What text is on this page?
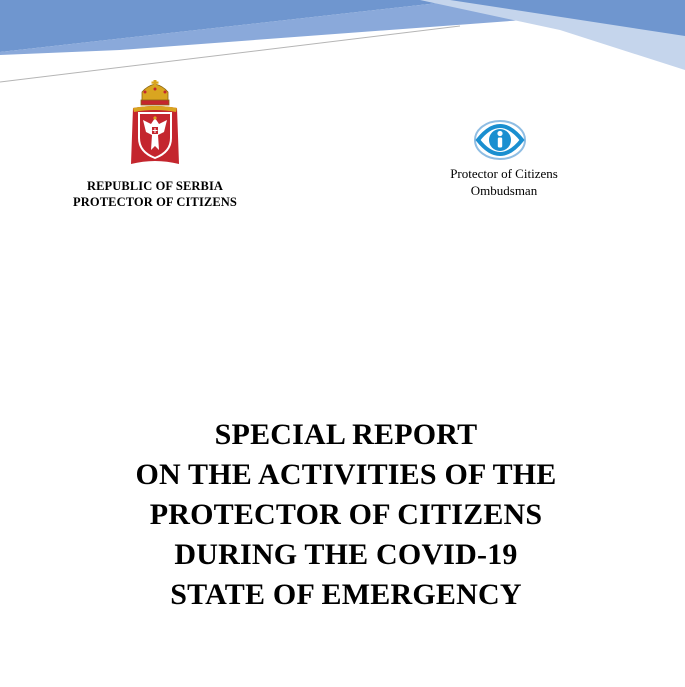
REPUBLIC OF SERBIA
PROTECTOR OF CITIZENS
Protector of Citizens
Ombudsman
SPECIAL REPORT
ON THE ACTIVITIES OF THE
PROTECTOR OF CITIZENS
DURING THE COVID-19
STATE OF EMERGENCY
